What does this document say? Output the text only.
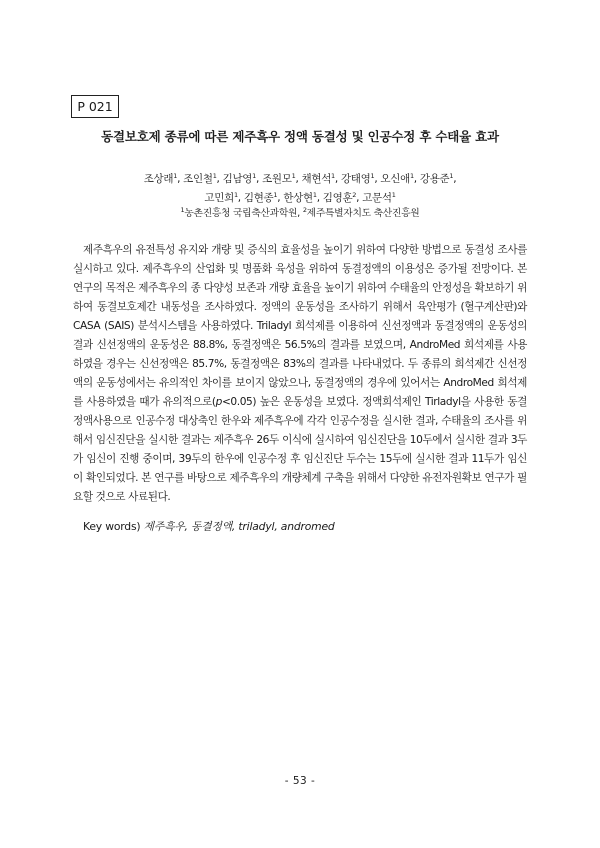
P 021
동결보호제 종류에 따른 제주흑우 정액 동결성 및 인공수정 후 수태율 효과
조상래$^1$, 조인철$^1$, 김남영$^1$, 조원모$^1$, 채현석$^1$, 강태영$^1$, 오신애$^1$, 강용준$^1$,
고민희$^1$, 김현종$^1$, 한상현$^1$, 김영훈$^2$, 고문석$^1$
$^1$농촌진흥청 국립축산과학원, $^2$제주특별자치도 축산진흥원
제주흑우의 유전특성 유지와 개량 및 증식의 효율성을 높이기 위하여 다양한 방법으로 동결성 조사를 실시하고 있다. 제주흑우의 산업화 및 명품화 육성을 위하여 동결정액의 이용성은 증가될 전망이다. 본 연구의 목적은 제주흑우의 종 다양성 보존과 개량 효율을 높이기 위하여 수태율의 안정성을 확보하기 위하여 동결보호제간 내동성을 조사하였다. 정액의 운동성을 조사하기 위해서 육안평가 (혈구계산판)와 CASA (SAIS) 분석시스템을 사용하였다. Triladyl 희석제를 이용하여 신선정액과 동결정액의 운동성의 결과 신선정액의 운동성은 88.8%, 동결정액은 56.5%의 결과를 보였으며, AndroMed 희석제를 사용하였을 경우는 신선정액은 85.7%, 동결정액은 83%의 결과를 나타내었다. 두 종류의 희석제간 신선정액의 운동성에서는 유의적인 차이를 보이지 않았으나, 동결정액의 경우에 있어서는 AndroMed 희석제를 사용하였을 때가 유의적으로(p<0.05) 높은 운동성을 보였다. 정액희석제인 Tirladyl을 사용한 동결정액사용으로 인공수정 대상축인 한우와 제주흑우에 각각 인공수정을 실시한 결과, 수태율의 조사를 위해서 임신진단을 실시한 결과는 제주흑우 26두 이식에 실시하여 임신진단을 10두에서 실시한 결과 3두가 임신이 진행 중이며, 39두의 한우에 인공수정 후 임신진단 두수는 15두에 실시한 결과 11두가 임신이 확인되었다. 본 연구를 바탕으로 제주흑우의 개량체계 구축을 위해서 다양한 유전자원확보 연구가 필요할 것으로 사료된다.
Key words) 제주흑우, 동결정액, triladyl, andromed
- 53 -
